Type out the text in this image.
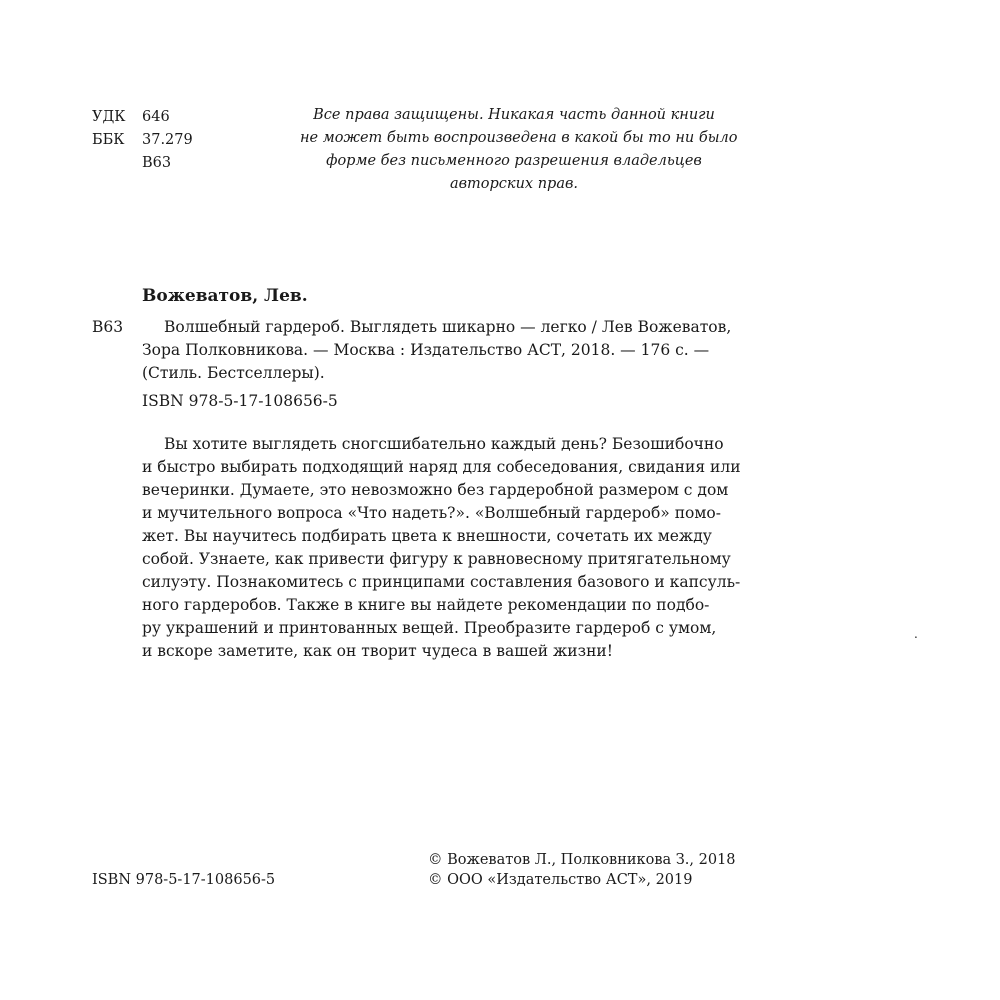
УДК 646
ББК 37.279
В63
Все права защищены. Никакая часть данной книги
не может быть воспроизведена в какой бы то ни было
форме без письменного разрешения владельцев
авторских прав.
Вожеватов, Лев.
В63	Волшебный гардероб. Выглядеть шикарно — легко / Лев Вожеватов,
Зора Полковникова. — Москва : Издательство АСТ, 2018. — 176 с. —
(Стиль. Бестселлеры).
ISBN 978-5-17-108656-5
Вы хотите выглядеть сногсшибательно каждый день? Безошибочно
и быстро выбирать подходящий наряд для собеседования, свидания или
вечеринки. Думаете, это невозможно без гардеробной размером с дом
и мучительного вопроса «Что надеть?». «Волшебный гардероб» помо-
жет. Вы научитесь подбирать цвета к внешности, сочетать их между
собой. Узнаете, как привести фигуру к равновесному притягательному
силуэту. Познакомитесь с принципами составления базового и капсуль-
ного гардеробов. Также в книге вы найдете рекомендации по подбо-
ру украшений и принтованных вещей. Преобразите гардероб с умом,
и вскоре заметите, как он творит чудеса в вашей жизни!
.
© Вожеватов Л., Полковникова З., 2018
ISBN 978-5-17-108656-5	© ООО «Издательство АСТ», 2019
